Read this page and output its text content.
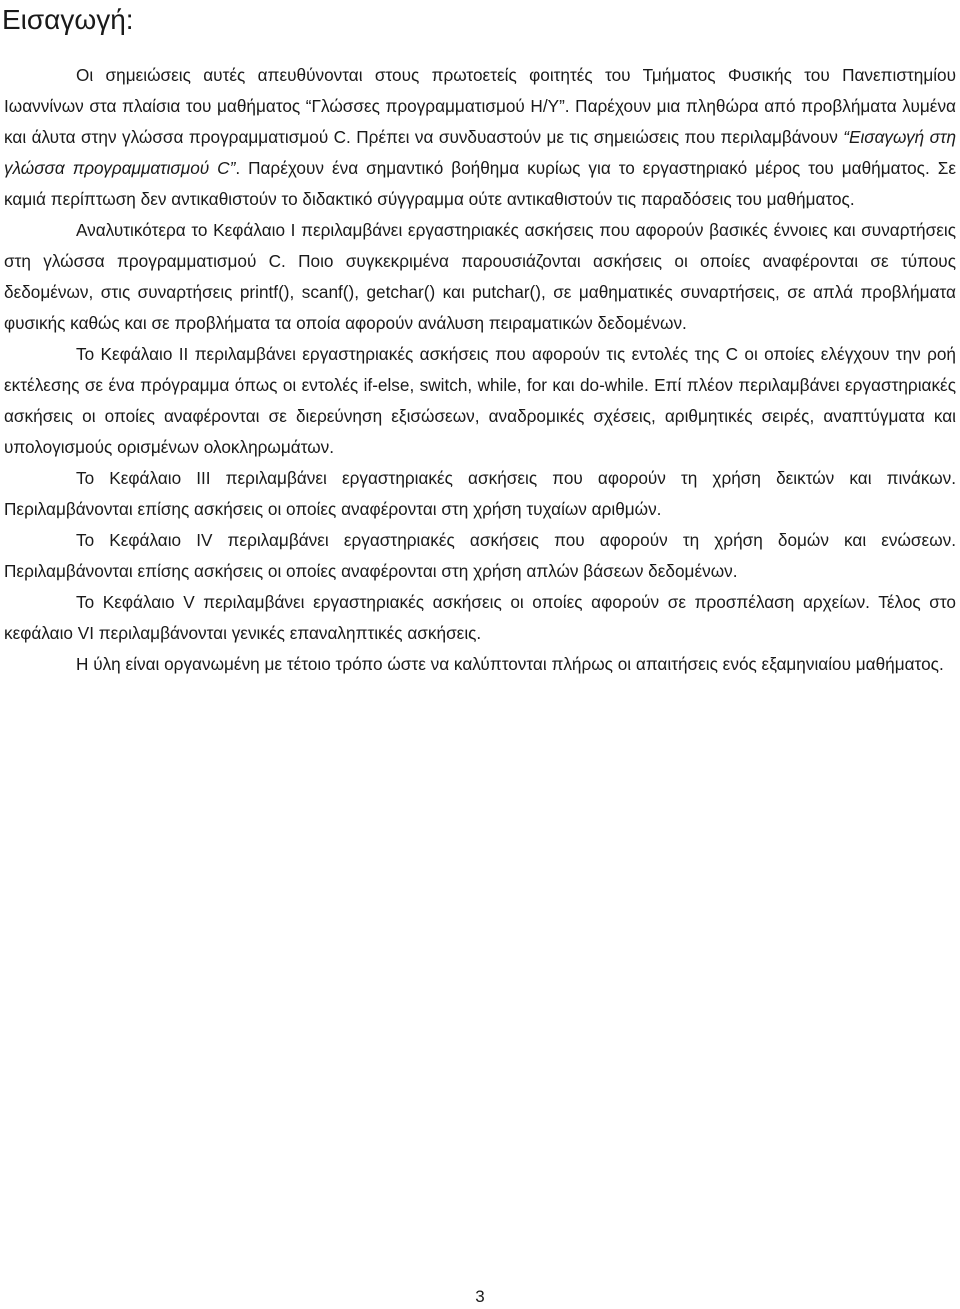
Εισαγωγή:

Οι σημειώσεις αυτές απευθύνονται στους πρωτοετείς φοιτητές του Τμήματος Φυσικής του Πανεπιστημίου Ιωαννίνων στα πλαίσια του μαθήματος “Γλώσσες προγραμματισμού Η/Υ”. Παρέχουν μια πληθώρα από προβλήματα λυμένα και άλυτα στην γλώσσα προγραμματισμού C. Πρέπει να συνδυαστούν με τις σημειώσεις που περιλαμβάνουν “Εισαγωγή στη γλώσσα προγραμματισμού C”. Παρέχουν ένα σημαντικό βοήθημα κυρίως για το εργαστηριακό μέρος του μαθήματος. Σε καμιά περίπτωση δεν αντικαθιστούν το διδακτικό σύγγραμμα ούτε αντικαθιστούν τις παραδόσεις του μαθήματος.

Αναλυτικότερα το Κεφάλαιο Ι περιλαμβάνει εργαστηριακές ασκήσεις που αφορούν βασικές έννοιες και συναρτήσεις στη γλώσσα προγραμματισμού C. Ποιο συγκεκριμένα παρουσιάζονται ασκήσεις οι οποίες αναφέρονται σε τύπους δεδομένων, στις συναρτήσεις printf(), scanf(), getchar() και putchar(), σε μαθηματικές συναρτήσεις, σε απλά προβλήματα φυσικής καθώς και σε προβλήματα τα οποία αφορούν ανάλυση πειραματικών δεδομένων.

Το Κεφάλαιο ΙΙ περιλαμβάνει εργαστηριακές ασκήσεις που αφορούν τις εντολές της C οι οποίες ελέγχουν την ροή εκτέλεσης σε ένα πρόγραμμα όπως οι εντολές if-else, switch, while, for και do-while. Επί πλέον περιλαμβάνει εργαστηριακές ασκήσεις οι οποίες αναφέρονται σε διερεύνηση εξισώσεων, αναδρομικές σχέσεις, αριθμητικές σειρές, αναπτύγματα και υπολογισμούς ορισμένων ολοκληρωμάτων.

Το Κεφάλαιο ΙΙΙ περιλαμβάνει εργαστηριακές ασκήσεις που αφορούν τη χρήση δεικτών και πινάκων. Περιλαμβάνονται επίσης ασκήσεις οι οποίες αναφέρονται στη χρήση τυχαίων αριθμών.

Το Κεφάλαιο IV περιλαμβάνει εργαστηριακές ασκήσεις που αφορούν τη χρήση δομών και ενώσεων. Περιλαμβάνονται επίσης ασκήσεις οι οποίες αναφέρονται στη χρήση απλών βάσεων δεδομένων.

Το Κεφάλαιο V περιλαμβάνει εργαστηριακές ασκήσεις οι οποίες αφορούν σε προσπέλαση αρχείων. Τέλος στο κεφάλαιο VI περιλαμβάνονται γενικές επαναληπτικές ασκήσεις.

Η ύλη είναι οργανωμένη με τέτοιο τρόπο ώστε να καλύπτονται πλήρως οι απαιτήσεις ενός εξαμηνιαίου μαθήματος.

3
